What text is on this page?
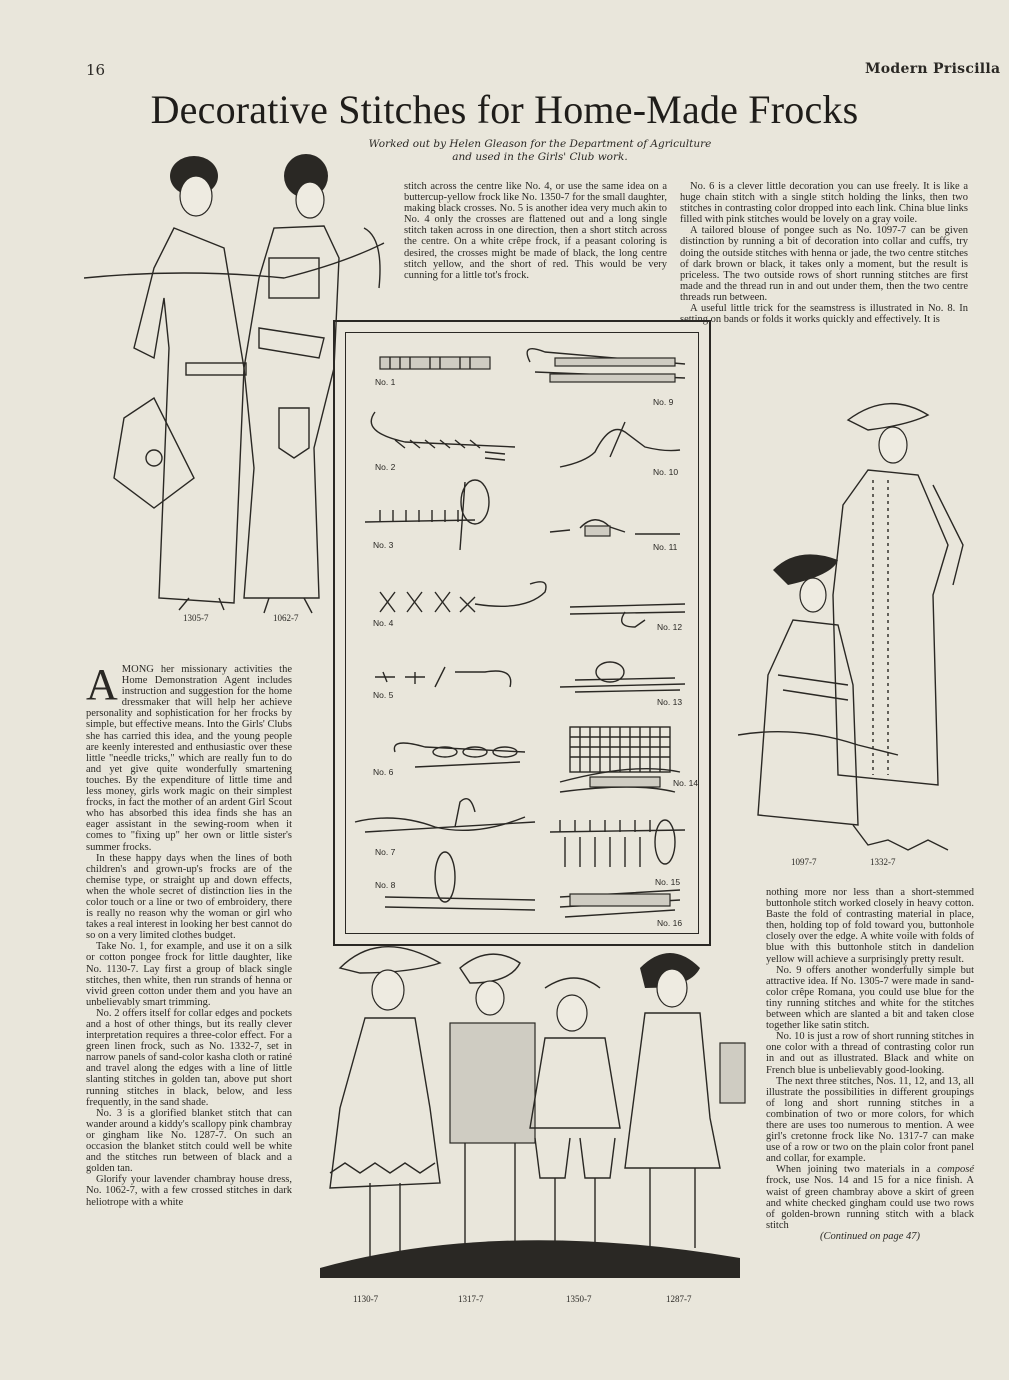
16	Modern Priscilla
Decorative Stitches for Home-Made Frocks
Worked out by Helen Gleason for the Department of Agriculture and used in the Girls' Club work.
1305-7	1062-7

stitch across the centre like No. 4, or use the same idea on a buttercup-yellow frock like No. 1350-7 for the small daughter, making black crosses. No. 5 is another idea very much akin to No. 4 only the crosses are flattened out and a long single stitch taken across in one direction, then a short stitch across the centre. On a white crêpe frock, if a peasant coloring is desired, the crosses might be made of black, the long centre stitch yellow, and the short of red. This would be very cunning for a little tot's frock.

No. 6 is a clever little decoration you can use freely. It is like a huge chain stitch with a single stitch holding the links, then two stitches in contrasting color dropped into each link. China blue links filled with pink stitches would be lovely on a gray voile.

A tailored blouse of pongee such as No. 1097-7 can be given distinction by running a bit of decoration into collar and cuffs, try doing the outside stitches with henna or jade, the two centre stitches of dark brown or black, it takes only a moment, but the result is priceless. The two outside rows of short running stitches are first made and the thread run in and out under them, then the two centre threads run between.

A useful little trick for the seamstress is illustrated in No. 8. In setting on bands or folds it works quickly and effectively. It is

No. 1
No. 9
No. 2	No. 10
No. 3	No. 11
No. 4	No. 12
No. 5
No. 13
No. 6
No. 14
No. 7
No. 15
No. 8
No. 16
1097-7	1332-7

AMONG her missionary activities the Home Demonstration Agent includes instruction and suggestion for the home dressmaker that will help her achieve personality and sophistication for her frocks by simple, but effective means. Into the Girls' Clubs she has carried this idea, and the young people are keenly interested and enthusiastic over these little "needle tricks," which are really fun to do and yet give quite wonderfully smartening touches. By the expenditure of little time and less money, girls work magic on their simplest frocks, in fact the mother of an ardent Girl Scout who has absorbed this idea finds she has an eager assistant in the sewing-room when it comes to "fixing up" her own or little sister's summer frocks.

In these happy days when the lines of both children's and grown-up's frocks are of the chemise type, or straight up and down effects, when the whole secret of distinction lies in the color touch or a line or two of embroidery, there is really no reason why the woman or girl who takes a real interest in looking her best cannot do so on a very limited clothes budget.

Take No. 1, for example, and use it on a silk or cotton pongee frock for little daughter, like No. 1130-7. Lay first a group of black single stitches, then white, then run strands of henna or vivid green cotton under them and you have an unbelievably smart trimming.

No. 2 offers itself for collar edges and pockets and a host of other things, but its really clever interpretation requires a three-color effect. For a green linen frock, such as No. 1332-7, set in narrow panels of sand-color kasha cloth or ratiné and travel along the edges with a line of little slanting stitches in golden tan, above put short running stitches in black, below, and less frequently, in the sand shade.

No. 3 is a glorified blanket stitch that can wander around a kiddy's scallopy pink chambray or gingham like No. 1287-7. On such an occasion the blanket stitch could well be white and the stitches run between of black and a golden tan.

Glorify your lavender chambray house dress, No. 1062-7, with a few crossed stitches in dark heliotrope with a white

1130-7	1317-7	1350-7	1287-7

nothing more nor less than a short-stemmed buttonhole stitch worked closely in heavy cotton. Baste the fold of contrasting material in place, then, holding top of fold toward you, buttonhole closely over the edge. A white voile with folds of blue with this buttonhole stitch in dandelion yellow will achieve a surprisingly pretty result.

No. 9 offers another wonderfully simple but attractive idea. If No. 1305-7 were made in sand-color crêpe Romana, you could use blue for the tiny running stitches and white for the stitches between which are slanted a bit and taken close together like satin stitch.

No. 10 is just a row of short running stitches in one color with a thread of contrasting color run in and out as illustrated. Black and white on French blue is unbelievably good-looking.

The next three stitches, Nos. 11, 12, and 13, all illustrate the possibilities in different groupings of long and short running stitches in a combination of two or more colors, for which there are uses too numerous to mention. A wee girl's cretonne frock like No. 1317-7 can make use of a row or two on the plain color front panel and collar, for example.

When joining two materials in a composé frock, use Nos. 14 and 15 for a nice finish. A waist of green chambray above a skirt of green and white checked gingham could use two rows of golden-brown running stitch with a black stitch

(Continued on page 47)
